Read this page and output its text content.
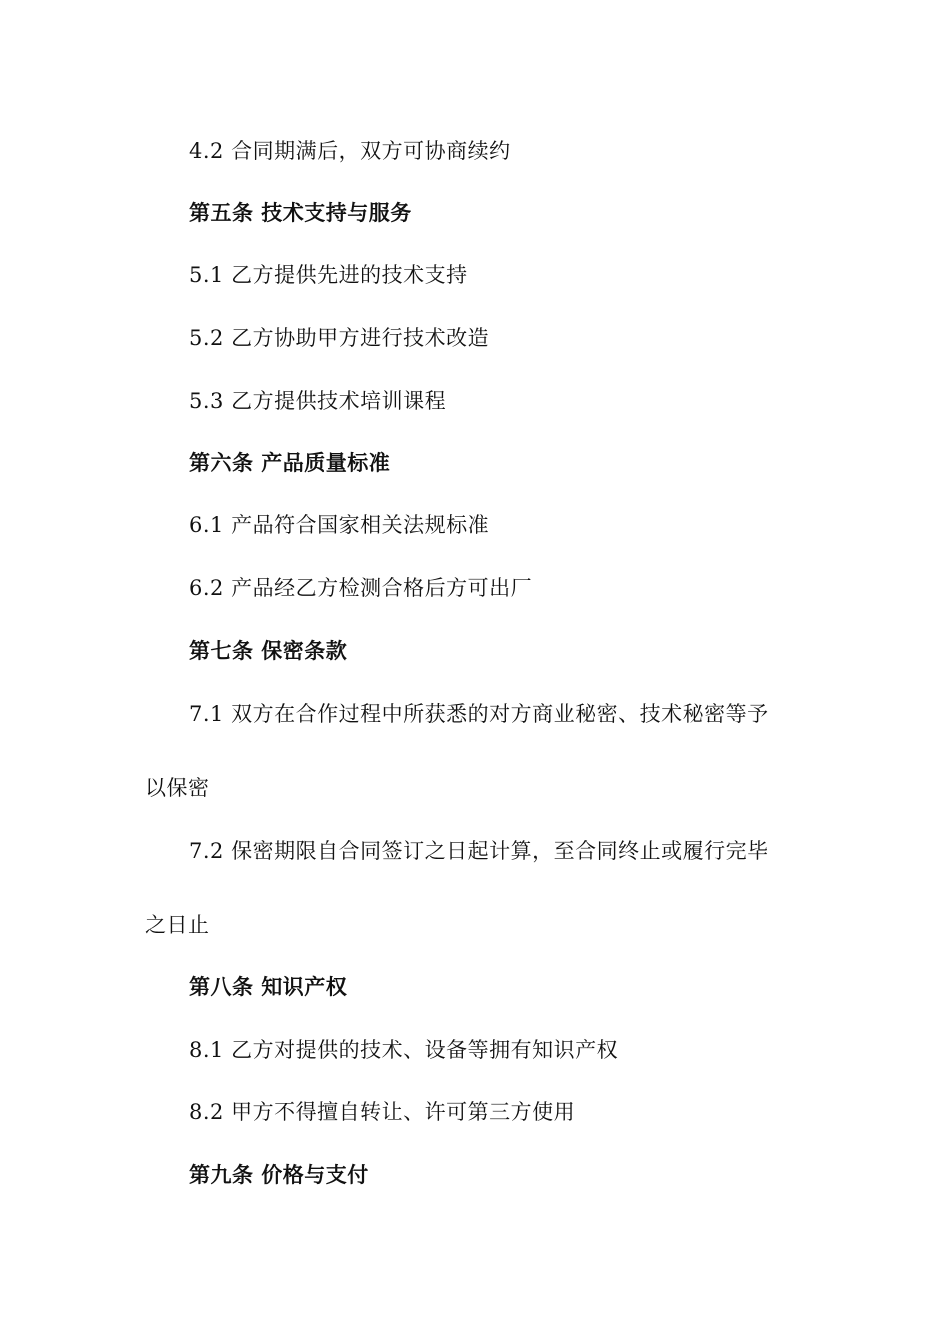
4.2 合同期满后，双方可协商续约
第五条 技术支持与服务
5.1 乙方提供先进的技术支持
5.2 乙方协助甲方进行技术改造
5.3 乙方提供技术培训课程
第六条 产品质量标准
6.1 产品符合国家相关法规标准
6.2 产品经乙方检测合格后方可出厂
第七条 保密条款
7.1 双方在合作过程中所获悉的对方商业秘密、技术秘密等予
以保密
7.2 保密期限自合同签订之日起计算，至合同终止或履行完毕
之日止
第八条 知识产权
8.1 乙方对提供的技术、设备等拥有知识产权
8.2 甲方不得擅自转让、许可第三方使用
第九条 价格与支付
